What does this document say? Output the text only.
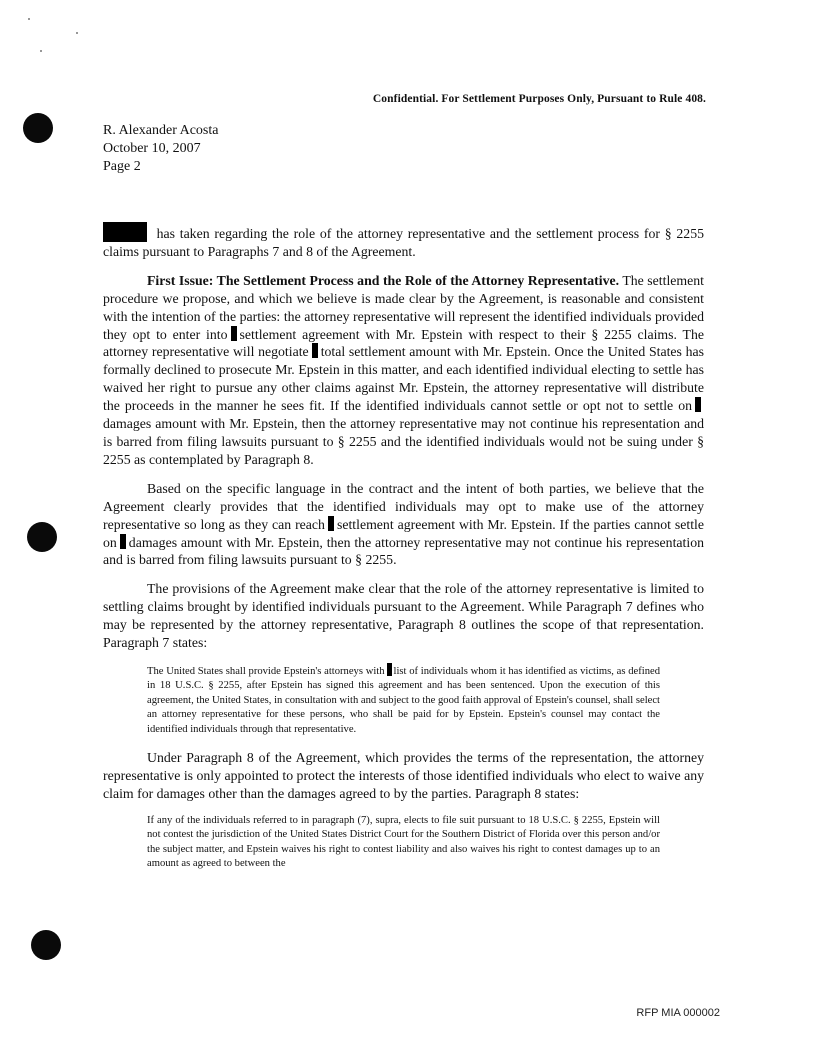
Confidential. For Settlement Purposes Only, Pursuant to Rule 408.
R. Alexander Acosta
October 10, 2007
Page 2

has taken regarding the role of the attorney representative and the settlement process for § 2255 claims pursuant to Paragraphs 7 and 8 of the Agreement.

First Issue: The Settlement Process and the Role of the Attorney Representative. The settlement procedure we propose, and which we believe is made clear by the Agreement, is reasonable and consistent with the intention of the parties: the attorney representative will represent the identified individuals provided they opt to enter into settlement agreement with Mr. Epstein with respect to their § 2255 claims. The attorney representative will negotiate total settlement amount with Mr. Epstein. Once the United States has formally declined to prosecute Mr. Epstein in this matter, and each identified individual electing to settle has waived her right to pursue any other claims against Mr. Epstein, the attorney representative will distribute the proceeds in the manner he sees fit. If the identified individuals cannot settle or opt not to settle ondamages amount with Mr. Epstein, then the attorney representative may not continue his representation and is barred from filing lawsuits pursuant to § 2255 and the identified individuals would not be suing under § 2255 as contemplated by Paragraph 8.

Based on the specific language in the contract and the intent of both parties, we believe that the Agreement clearly provides that the identified individuals may opt to make use of the attorney representative so long as they can reach settlement agreement with Mr. Epstein. If the parties cannot settle on damages amount with Mr. Epstein, then the attorney representative may not continue his representation and is barred from filing lawsuits pursuant to § 2255.

The provisions of the Agreement make clear that the role of the attorney representative is limited to settling claims brought by identified individuals pursuant to the Agreement. While Paragraph 7 defines who may be represented by the attorney representative, Paragraph 8 outlines the scope of that representation. Paragraph 7 states:

The United States shall provide Epstein's attorneys with list of individuals whom it has identified as victims, as defined in 18 U.S.C. § 2255, after Epstein has signed this agreement and has been sentenced. Upon the execution of this agreement, the United States, in consultation with and subject to the good faith approval of Epstein's counsel, shall select an attorney representative for these persons, who shall be paid for by Epstein. Epstein's counsel may contact the identified individuals through that representative.

Under Paragraph 8 of the Agreement, which provides the terms of the representation, the attorney representative is only appointed to protect the interests of those identified individuals who elect to waive any claim for damages other than the damages agreed to by the parties. Paragraph 8 states:

If any of the individuals referred to in paragraph (7), supra, elects to file suit pursuant to 18 U.S.C. § 2255, Epstein will not contest the jurisdiction of the United States District Court for the Southern District of Florida over this person and/or the subject matter, and Epstein waives his right to contest liability and also waives his right to contest damages up to an amount as agreed to between the
RFP MIA 000002
